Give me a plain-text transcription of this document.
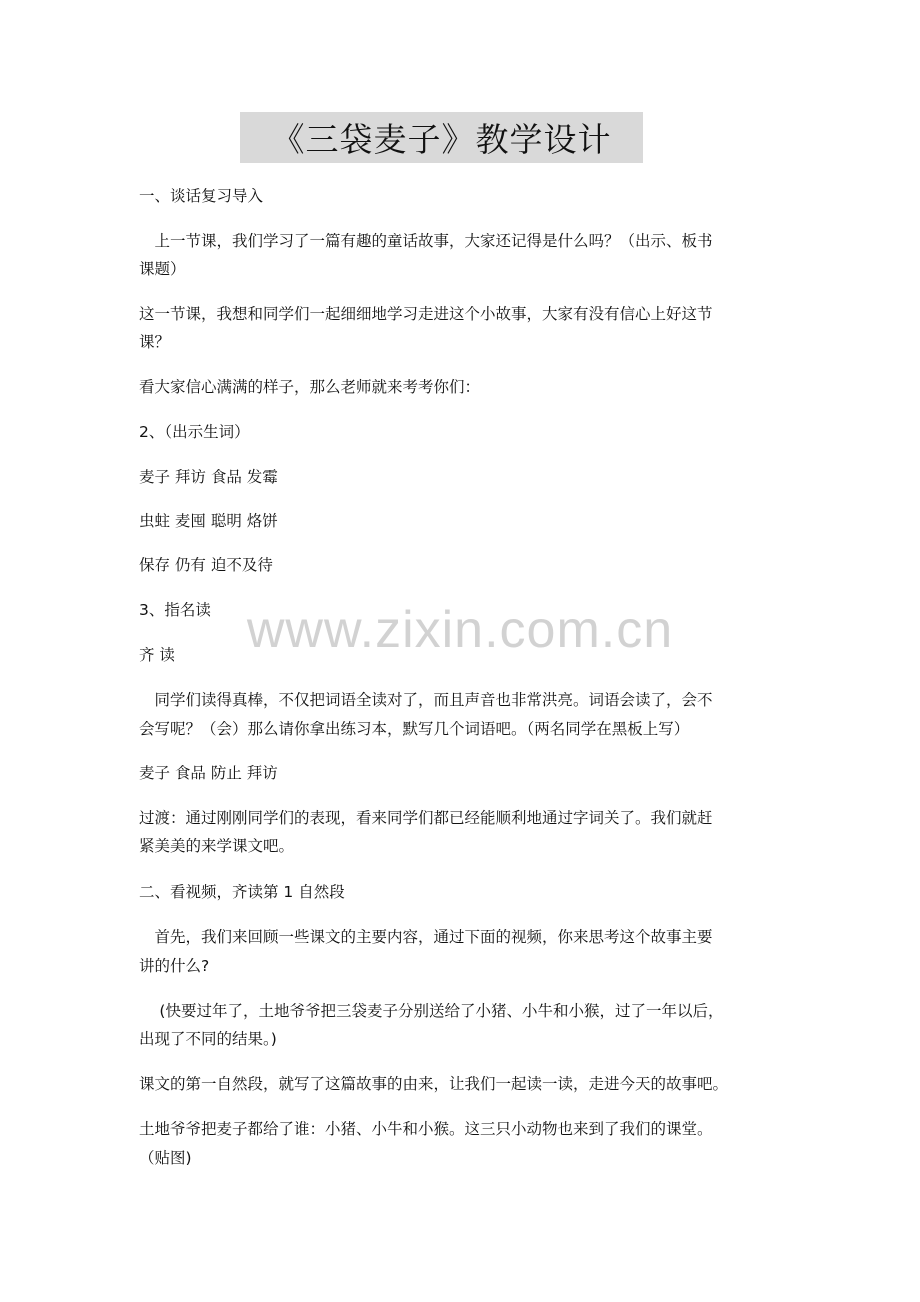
《三袋麦子》教学设计

一、谈话复习导入

　上一节课，我们学习了一篇有趣的童话故事，大家还记得是什么吗？（出示、板书

课题）

这一节课，我想和同学们一起细细地学习走进这个小故事，大家有没有信心上好这节

课？

看大家信心满满的样子，那么老师就来考考你们：

2、（出示生词）

麦子 拜访 食品 发霉

虫蛀 麦囤 聪明 烙饼

保存 仍有 迫不及待

3、指名读

齐 读

　同学们读得真棒，不仅把词语全读对了，而且声音也非常洪亮。词语会读了，会不

会写呢？（会）那么请你拿出练习本，默写几个词语吧。（两名同学在黑板上写）

麦子 食品 防止 拜访

过渡：通过刚刚同学们的表现，看来同学们都已经能顺利地通过字词关了。我们就赶

紧美美的来学课文吧。

二、看视频，齐读第 1 自然段

　首先，我们来回顾一些课文的主要内容，通过下面的视频，你来思考这个故事主要

讲的什么?

　 (快要过年了，土地爷爷把三袋麦子分别送给了小猪、小牛和小猴，过了一年以后，

出现了不同的结果。)

课文的第一自然段，就写了这篇故事的由来，让我们一起读一读，走进今天的故事吧。

土地爷爷把麦子都给了谁：小猪、小牛和小猴。这三只小动物也来到了我们的课堂。

（贴图)

www.zixin.com.cn
